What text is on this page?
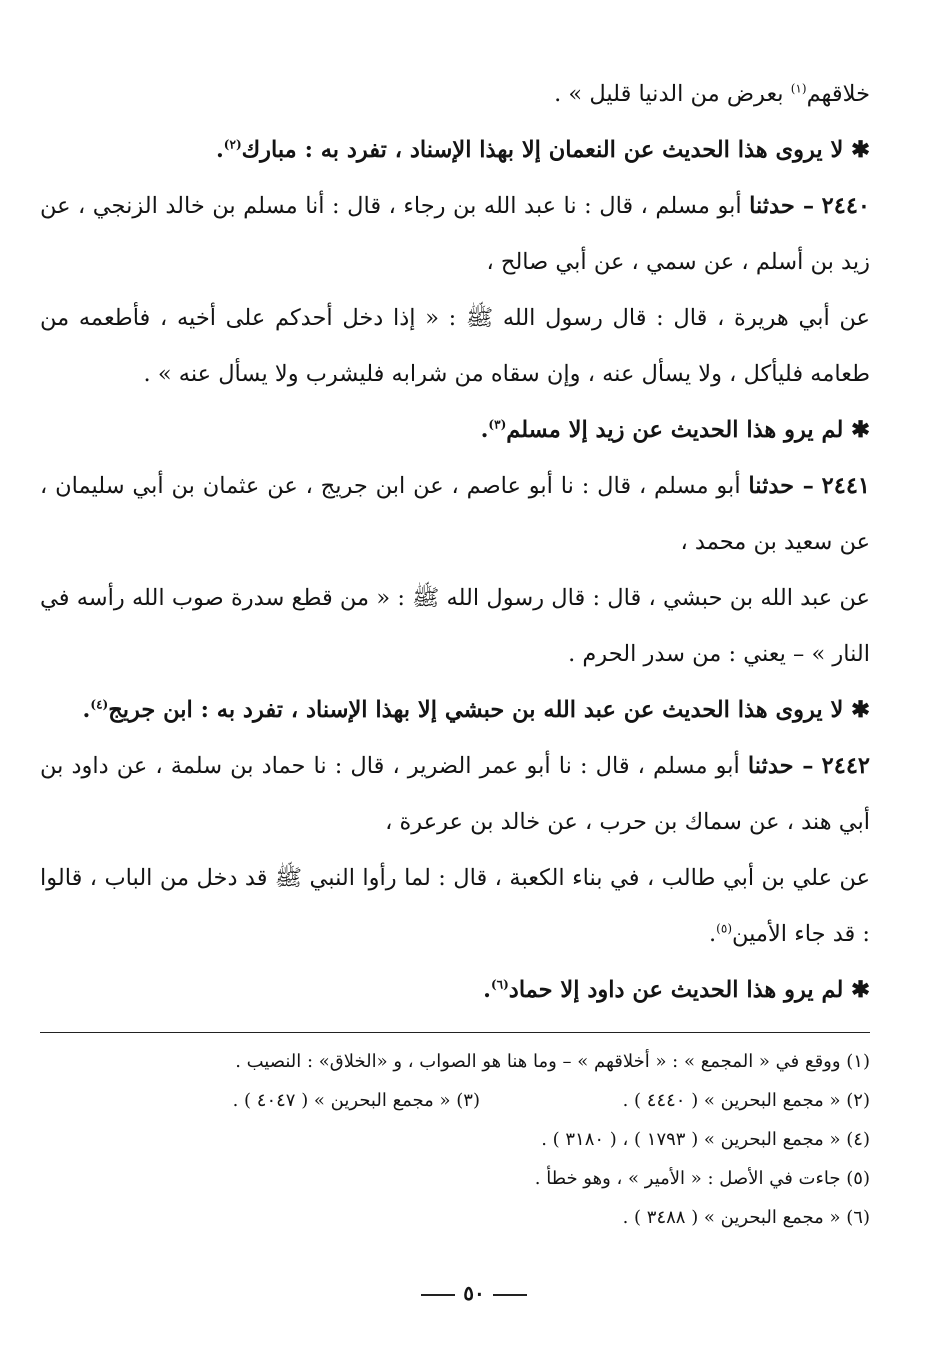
خلاقهم$^{(١)}$ بعرض من الدنيا قليل » .
✱ لا يروى هذا الحديث عن النعمان إلا بهذا الإسناد ، تفرد به : مبارك$^{(٢)}$.
٢٤٤٠ – حدثنا أبو مسلم ، قال : نا عبد الله بن رجاء ، قال : أنا مسلم بن خالد الزنجي ، عن زيد بن أسلم ، عن سمي ، عن أبي صالح ،
عن أبي هريرة ، قال : قال رسول الله ﷺ : « إذا دخل أحدكم على أخيه ، فأطعمه من طعامه فليأكل ، ولا يسأل عنه ، وإن سقاه من شرابه فليشرب ولا يسأل عنه » .
✱ لم يرو هذا الحديث عن زيد إلا مسلم$^{(٣)}$.
٢٤٤١ – حدثنا أبو مسلم ، قال : نا أبو عاصم ، عن ابن جريج ، عن عثمان بن أبي سليمان ، عن سعيد بن محمد ،
عن عبد الله بن حبشي ، قال : قال رسول الله ﷺ : « من قطع سدرة صوب الله رأسه في النار » – يعني : من سدر الحرم .
✱ لا يروى هذا الحديث عن عبد الله بن حبشي إلا بهذا الإسناد ، تفرد به : ابن جريج$^{(٤)}$.
٢٤٤٢ – حدثنا أبو مسلم ، قال : نا أبو عمر الضرير ، قال : نا حماد بن سلمة ، عن داود بن أبي هند ، عن سماك بن حرب ، عن خالد بن عرعرة ،
عن علي بن أبي طالب ، في بناء الكعبة ، قال : لما رأوا النبي ﷺ قد دخل من الباب ، قالوا : قد جاء الأمين$^{(٥)}$.
✱ لم يرو هذا الحديث عن داود إلا حماد$^{(٦)}$.
(١) ووقع في « المجمع » : « أخلاقهم » – وما هنا هو الصواب ، و «الخلاق» : النصيب .
(٢) « مجمع البحرين » ( ٤٤٤٠ ) .(٣) « مجمع البحرين » ( ٤٠٤٧ ) .
(٤) « مجمع البحرين » ( ١٧٩٣ ) ، ( ٣١٨٠ ) .
(٥) جاءت في الأصل : « الأمير » ، وهو خطأ .
(٦) « مجمع البحرين » ( ٣٤٨٨ ) .
٥٠
